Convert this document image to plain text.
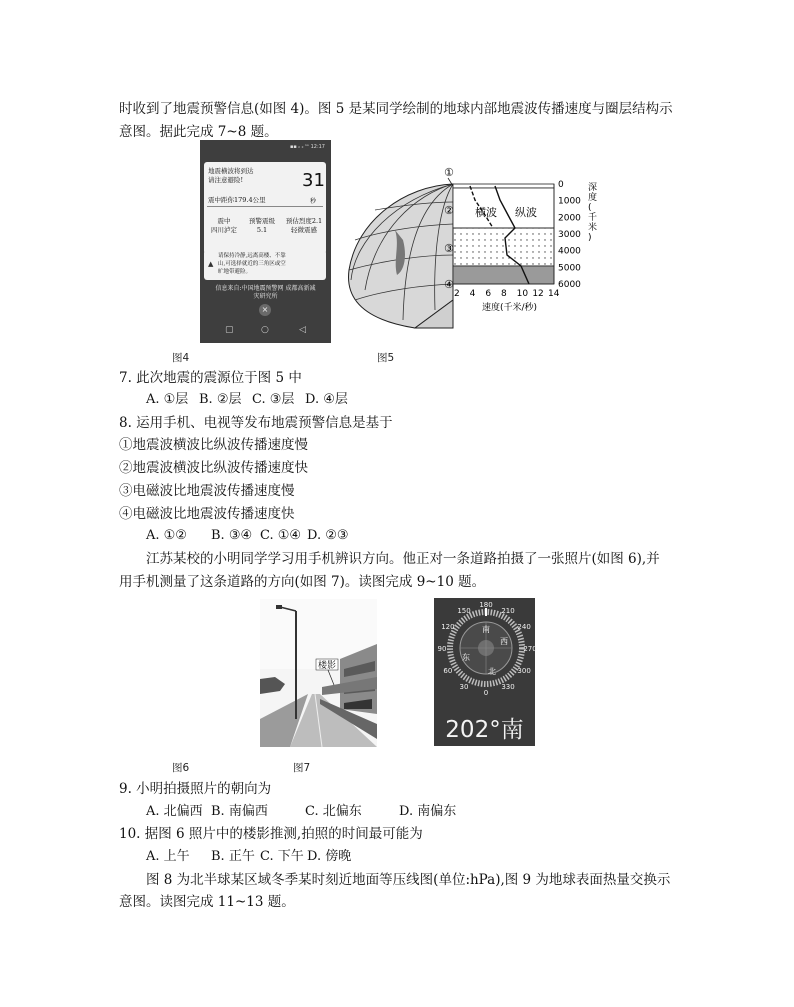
时收到了地震预警信息(如图 4)。图 5 是某同学绘制的地球内部地震波传播速度与圈层结构示
意图。据此完成 7~8 题。
▪▪ ᵢₗ ᵢₗ ⁿᵒ 12:17
地震横波将到达
请注意避险!	31
震中距你179.4公里	秒
震中
四川泸定
预警震级
5.1
预估烈度2.1
轻微震感
▲
请保持冷静,远离高楼、不靠
山,可选择就近的三角区或空
旷地带避险。
信息来自:中国地震预警网 成都高新减
灾研究所
×
▢	○	◁
图4
①
②
③
④
横波 纵波
0
1000
2000
3000
4000
5000
6000
深度(千米)
2 4 6 8 10 12 14
速度(千米/秒)
图5
7. 此次地震的震源位于图 5 中
A. ①层 B. ②层 C. ③层 D. ④层
8. 运用手机、电视等发布地震预警信息是基于
①地震波横波比纵波传播速度慢
②地震波横波比纵波传播速度快
③电磁波比地震波传播速度慢
④电磁波比地震波传播速度快
A. ①② B. ③④ C. ①④ D. ②③
江苏某校的小明同学学习用手机辨识方向。他正对一条道路拍摄了一张照片(如图 6),并
用手机测量了这条道路的方向(如图 7)。读图完成 9~10 题。
楼影
图6
180
210
240
150
270
120
300
90
330
60
30
0
南
西
东
北
202°南
图7
9. 小明拍摄照片的朝向为
A. 北偏西 B. 南偏西	C. 北偏东	D. 南偏东
10. 据图 6 照片中的楼影推测,拍照的时间最可能为
A. 上午 B. 正午 C. 下午 D. 傍晚
图 8 为北半球某区域冬季某时刻近地面等压线图(单位:hPa),图 9 为地球表面热量交换示
意图。读图完成 11~13 题。
